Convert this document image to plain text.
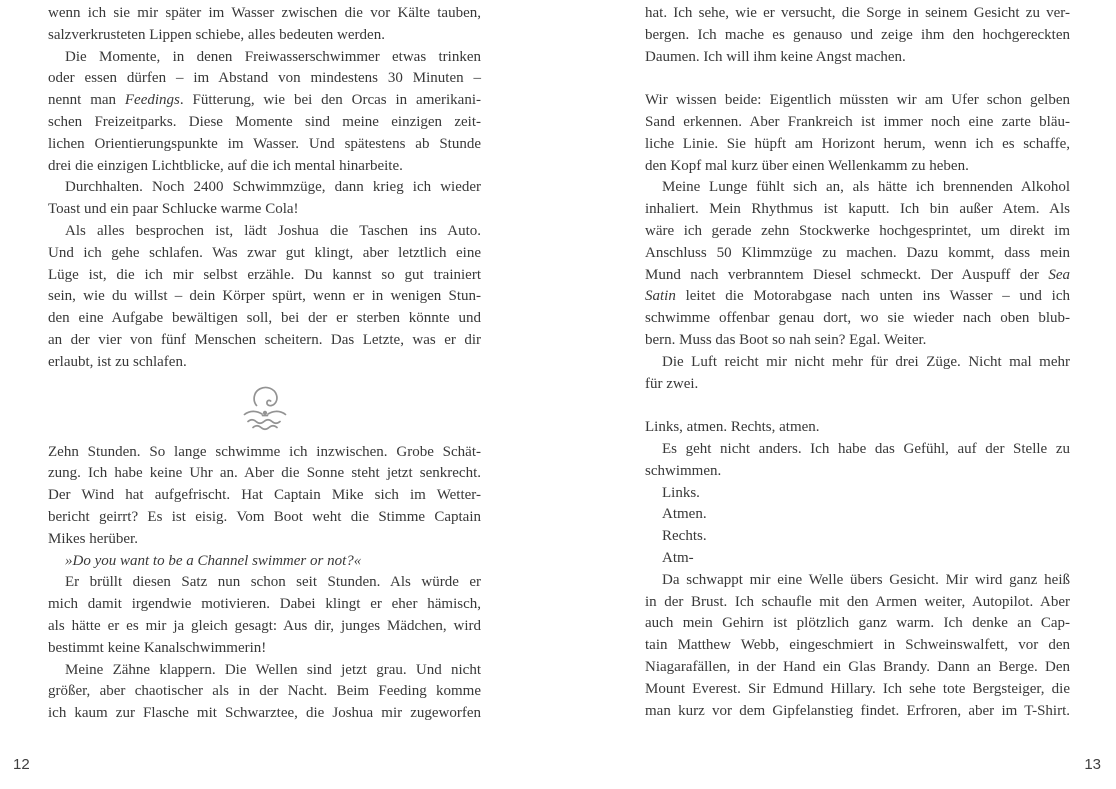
wenn ich sie mir später im Wasser zwischen die vor Kälte tauben,
salzverkrusteten Lippen schiebe, alles bedeuten werden.
Die Momente, in denen Freiwasserschwimmer etwas trinken
oder essen dürfen – im Abstand von mindestens 30 Minuten –
nennt man Feedings. Fütterung, wie bei den Orcas in amerikani-
schen Freizeitparks. Diese Momente sind meine einzigen zeit-
lichen Orientierungspunkte im Wasser. Und spätestens ab Stunde
drei die einzigen Lichtblicke, auf die ich mental hinarbeite.
Durchhalten. Noch 2400 Schwimmzüge, dann krieg ich wieder
Toast und ein paar Schlucke warme Cola!
Als alles besprochen ist, lädt Joshua die Taschen ins Auto.
Und ich gehe schlafen. Was zwar gut klingt, aber letztlich eine
Lüge ist, die ich mir selbst erzähle. Du kannst so gut trainiert
sein, wie du willst – dein Körper spürt, wenn er in wenigen Stun-
den eine Aufgabe bewältigen soll, bei der er sterben könnte und
an der vier von fünf Menschen scheitern. Das Letzte, was er dir
erlaubt, ist zu schlafen.
Zehn Stunden. So lange schwimme ich inzwischen. Grobe Schät-
zung. Ich habe keine Uhr an. Aber die Sonne steht jetzt senkrecht.
Der Wind hat aufgefrischt. Hat Captain Mike sich im Wetter-
bericht geirrt? Es ist eisig. Vom Boot weht die Stimme Captain
Mikes herüber.
»Do you want to be a Channel swimmer or not?«
Er brüllt diesen Satz nun schon seit Stunden. Als würde er
mich damit irgendwie motivieren. Dabei klingt er eher hämisch,
als hätte er es mir ja gleich gesagt: Aus dir, junges Mädchen, wird
bestimmt keine Kanalschwimmerin!
Meine Zähne klappern. Die Wellen sind jetzt grau. Und nicht
größer, aber chaotischer als in der Nacht. Beim Feeding komme
ich kaum zur Flasche mit Schwarztee, die Joshua mir zugeworfen
hat. Ich sehe, wie er versucht, die Sorge in seinem Gesicht zu ver-
bergen. Ich mache es genauso und zeige ihm den hochgereckten
Daumen. Ich will ihm keine Angst machen.
Wir wissen beide: Eigentlich müssten wir am Ufer schon gelben
Sand erkennen. Aber Frankreich ist immer noch eine zarte bläu-
liche Linie. Sie hüpft am Horizont herum, wenn ich es schaffe,
den Kopf mal kurz über einen Wellenkamm zu heben.
Meine Lunge fühlt sich an, als hätte ich brennenden Alkohol
inhaliert. Mein Rhythmus ist kaputt. Ich bin außer Atem. Als
wäre ich gerade zehn Stockwerke hochgesprintet, um direkt im
Anschluss 50 Klimmzüge zu machen. Dazu kommt, dass mein
Mund nach verbranntem Diesel schmeckt. Der Auspuff der Sea
Satin leitet die Motorabgase nach unten ins Wasser – und ich
schwimme offenbar genau dort, wo sie wieder nach oben blub-
bern. Muss das Boot so nah sein? Egal. Weiter.
Die Luft reicht mir nicht mehr für drei Züge. Nicht mal mehr
für zwei.
Links, atmen. Rechts, atmen.
Es geht nicht anders. Ich habe das Gefühl, auf der Stelle zu
schwimmen.
Links.
Atmen.
Rechts.
Atm-
Da schwappt mir eine Welle übers Gesicht. Mir wird ganz heiß
in der Brust. Ich schaufle mit den Armen weiter, Autopilot. Aber
auch mein Gehirn ist plötzlich ganz warm. Ich denke an Cap-
tain Matthew Webb, eingeschmiert in Schweinswalfett, vor den
Niagarafällen, in der Hand ein Glas Brandy. Dann an Berge. Den
Mount Everest. Sir Edmund Hillary. Ich sehe tote Bergsteiger, die
man kurz vor dem Gipfelanstieg findet. Erfroren, aber im T-Shirt.
12	13
